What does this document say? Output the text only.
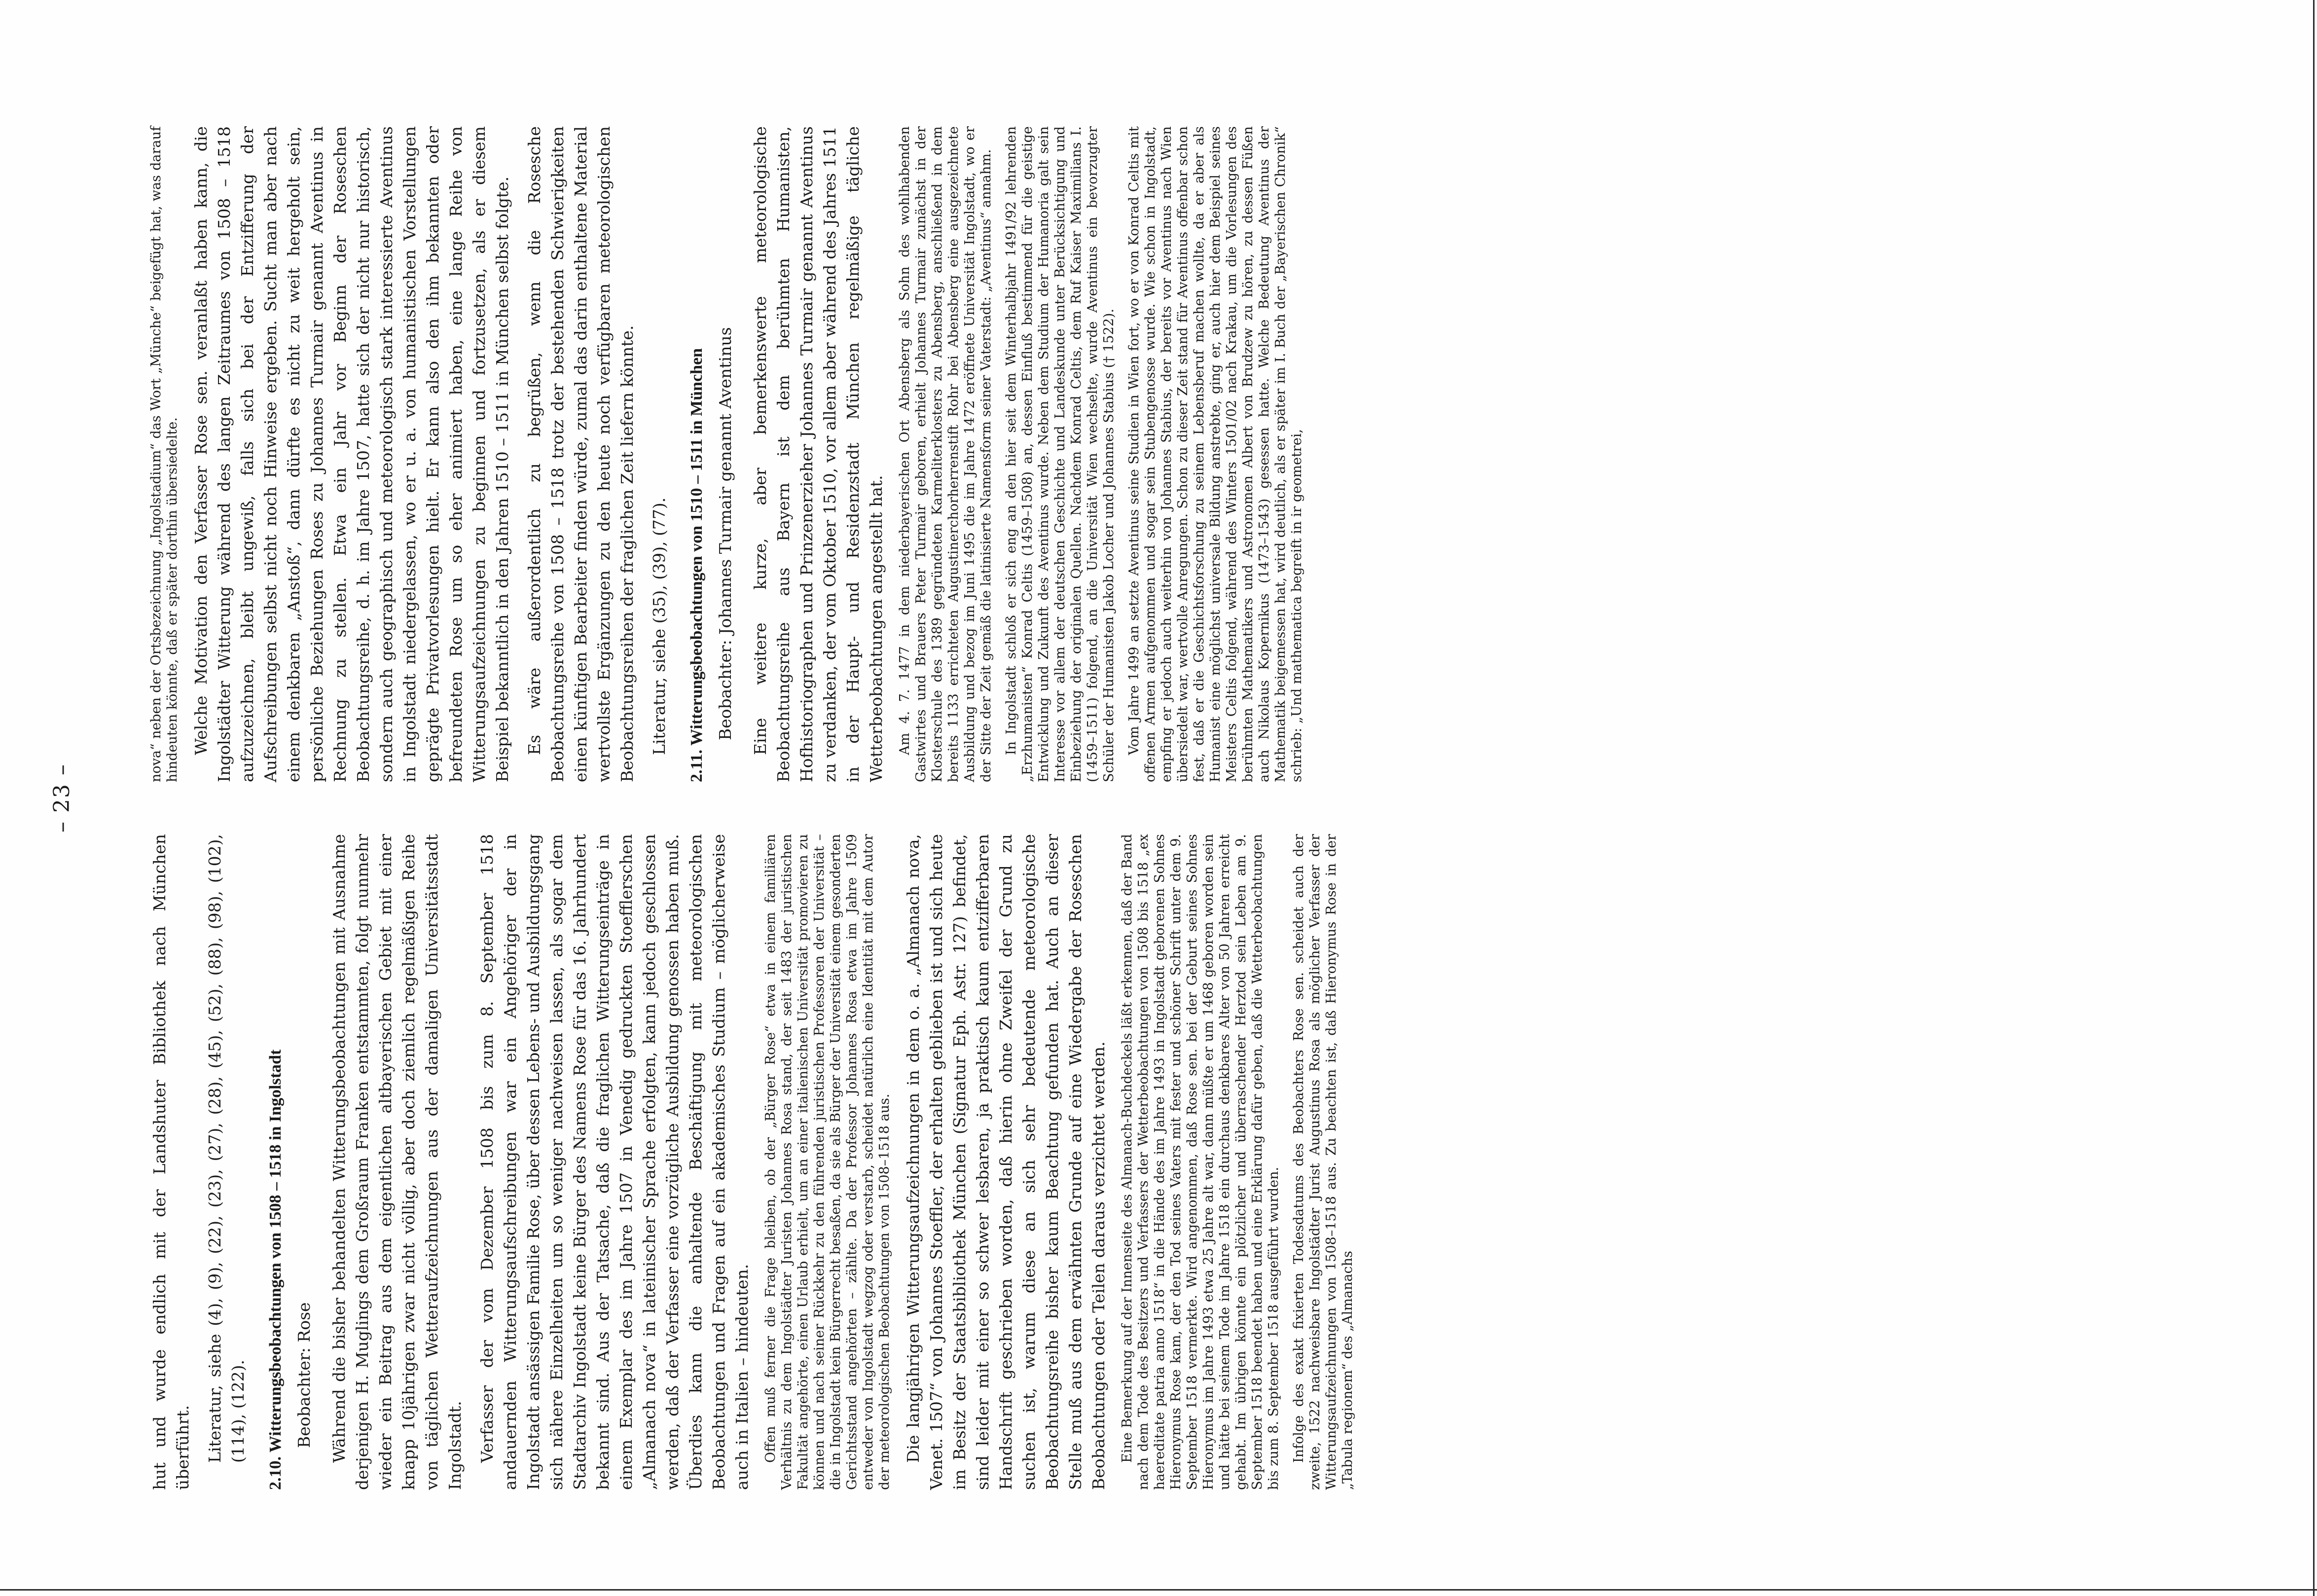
– 23 –

hut und wurde endlich mit der Landshuter Bibliothek nach München überführt. Literatur, siehe (4), (9), (22), (23), (27), (28), (45), (52), (88), (98), (102), (114), (122). 2.10. Witterungsbeobachtungen von 1508 – 1518 in Ingolstadt Beobachter: Rose Während die bisher behandelten Witterungsbeobachtungen mit Ausnahme derjenigen H. Muglings dem Großraum Franken entstammten, folgt nunmehr wieder ein Beitrag aus dem eigentlichen altbayerischen Gebiet mit einer knapp 10jährigen zwar nicht völlig, aber doch ziemlich regelmäßigen Reihe von täglichen Wetteraufzeichnungen aus der damaligen Universitätsstadt Ingolstadt. Verfasser der vom Dezember 1508 bis zum 8. September 1518 andauernden Witterungsaufschreibungen war ein Angehöriger der in Ingolstadt ansässigen Familie Rose, über dessen Lebens- und Ausbildungsgang sich nähere Einzelheiten um so weniger nachweisen lassen, als sogar dem Stadtarchiv Ingolstadt keine Bürger des Namens Rose für das 16. Jahrhundert bekannt sind. Aus der Tatsache, daß die fraglichen Witterungseinträge in einem Exemplar des im Jahre 1507 in Venedig gedruckten Stoefflerschen „Almanach nova“ in lateinischer Sprache erfolgten, kann jedoch geschlossen werden, daß der Verfasser eine vorzügliche Ausbildung genossen haben muß. Überdies kann die anhaltende Beschäftigung mit meteorologischen Beobachtungen und Fragen auf ein akademisches Studium – möglicherweise auch in Italien – hindeuten. Offen muß ferner die Frage bleiben, ob der „Bürger Rose“ etwa in einem familiären Verhältnis zu dem Ingolstädter Juristen Johannes Rosa stand, der seit 1483 der juristischen Fakultät angehörte, einen Urlaub erhielt, um an einer italienischen Universität promovieren zu können und nach seiner Rückkehr zu den führenden juristischen Professoren der Universität – die in Ingolstadt kein Bürgerrecht besaßen, da sie als Bürger der Universität einem gesonderten Gerichtsstand angehörten – zählte. Da der Professor Johannes Rosa etwa im Jahre 1509 entweder von Ingolstadt wegzog oder verstarb, scheidet natürlich eine Identität mit dem Autor der meteorologischen Beobachtungen von 1508–1518 aus. Die langjährigen Witterungsaufzeichnungen in dem o. a. „Almanach nova, Venet. 1507“ von Johannes Stoeffler, der erhalten geblieben ist und sich heute im Besitz der Staatsbibliothek München (Signatur Eph. Astr. 127) befindet, sind leider mit einer so schwer lesbaren, ja praktisch kaum entzifferbaren Handschrift geschrieben worden, daß hierin ohne Zweifel der Grund zu suchen ist, warum diese an sich sehr bedeutende meteorologische Beobachtungsreihe bisher kaum Beachtung gefunden hat. Auch an dieser Stelle muß aus dem erwähnten Grunde auf eine Wiedergabe der Roseschen Beobachtungen oder Teilen daraus verzichtet werden. Eine Bemerkung auf der Innenseite des Almanach-Buchdeckels läßt erkennen, daß der Band nach dem Tode des Besitzers und Verfassers der Wetterbeobachtungen von 1508 bis 1518 „ex haereditate patria anno 1518“ in die Hände des im Jahre 1493 in Ingolstadt geborenen Sohnes Hieronymus Rose kam, der den Tod seines Vaters mit fester und schöner Schrift unter dem 9. September 1518 vermerkte. Wird angenommen, daß Rose sen. bei der Geburt seines Sohnes Hieronymus im Jahre 1493 etwa 25 Jahre alt war, dann müßte er um 1468 geboren worden sein und hätte bei seinem Tode im Jahre 1518 ein durchaus denkbares Alter von 50 Jahren erreicht gehabt. Im übrigen könnte ein plötzlicher und überraschender Herztod sein Leben am 9. September 1518 beendet haben und eine Erklärung dafür geben, daß die Wetterbeobachtungen bis zum 8. September 1518 ausgeführt wurden. Infolge des exakt fixierten Todesdatums des Beobachters Rose sen. scheidet auch der zweite, 1522 nachweisbare Ingolstädter Jurist Augustinus Rosa als möglicher Verfasser der Witterungsaufzeichnungen von 1508–1518 aus. Zu beachten ist, daß Hieronymus Rose in der „Tabula regionem“ des „Almanachs

nova“ neben der Ortsbezeichnung „Ingolstadium“ das Wort „Münche“ beigefügt hat, was darauf hindeuten könnte, daß er später dorthin übersiedelte. Welche Motivation den Verfasser Rose sen. veranlaßt haben kann, die Ingolstädter Witterung während des langen Zeitraumes von 1508 – 1518 aufzuzeichnen, bleibt ungewiß, falls sich bei der Entzifferung der Aufschreibungen selbst nicht noch Hinweise ergeben. Sucht man aber nach einem denkbaren „Anstoß“, dann dürfte es nicht zu weit hergeholt sein, persönliche Beziehungen Roses zu Johannes Turmair genannt Aventinus in Rechnung zu stellen. Etwa ein Jahr vor Beginn der Roseschen Beobachtungsreihe, d. h. im Jahre 1507, hatte sich der nicht nur historisch, sondern auch geographisch und meteorologisch stark interessierte Aventinus in Ingolstadt niedergelassen, wo er u. a. von humanistischen Vorstellungen geprägte Privatvorlesungen hielt. Er kann also den ihm bekannten oder befreundeten Rose um so eher animiert haben, eine lange Reihe von Witterungsaufzeichnungen zu beginnen und fortzusetzen, als er diesem Beispiel bekanntlich in den Jahren 1510 – 1511 in München selbst folgte. Es wäre außerordentlich zu begrüßen, wenn die Rosesche Beobachtungsreihe von 1508 – 1518 trotz der bestehenden Schwierigkeiten einen künftigen Bearbeiter finden würde, zumal das darin enthaltene Material wertvollste Ergänzungen zu den heute noch verfügbaren meteorologischen Beobachtungsreihen der fraglichen Zeit liefern könnte. Literatur, siehe (35), (39), (77). 2.11. Witterungsbeobachtungen von 1510 – 1511 in München Beobachter: Johannes Turmair genannt Aventinus Eine weitere kurze, aber bemerkenswerte meteorologische Beobachtungsreihe aus Bayern ist dem berühmten Humanisten, Hofhistoriographen und Prinzenerzieher Johannes Turmair genannt Aventinus zu verdanken, der vom Oktober 1510, vor allem aber während des Jahres 1511 in der Haupt- und Residenzstadt München regelmäßige tägliche Wetterbeobachtungen angestellt hat. Am 4. 7. 1477 in dem niederbayerischen Ort Abensberg als Sohn des wohlhabenden Gastwirtes und Brauers Peter Turmair geboren, erhielt Johannes Turmair zunächst in der Klosterschule des 1389 gegründeten Karmeliterklosters zu Abensberg, anschließend in dem bereits 1133 errichteten Augustinerchorherrenstift Rohr bei Abensberg eine ausgezeichnete Ausbildung und bezog im Juni 1495 die im Jahre 1472 eröffnete Universität Ingolstadt, wo er der Sitte der Zeit gemäß die latinisierte Namensform seiner Vaterstadt: „Aventinus“ annahm. In Ingolstadt schloß er sich eng an den hier seit dem Winterhalbjahr 1491/92 lehrenden „Erzhumanisten“ Konrad Celtis (1459–1508) an, dessen Einfluß bestimmend für die geistige Entwicklung und Zukunft des Aventinus wurde. Neben dem Studium der Humanoria galt sein Interesse vor allem der deutschen Geschichte und Landeskunde unter Berücksichtigung und Einbeziehung der originalen Quellen. Nachdem Konrad Celtis, dem Ruf Kaiser Maximilians I. (1459–1511) folgend, an die Universität Wien wechselte, wurde Aventinus ein bevorzugter Schüler der Humanisten Jakob Locher und Johannes Stabius († 1522). Vom Jahre 1499 an setzte Aventinus seine Studien in Wien fort, wo er von Konrad Celtis mit offenen Armen aufgenommen und sogar sein Stubengenosse wurde. Wie schon in Ingolstadt, empfing er jedoch auch weiterhin von Johannes Stabius, der bereits vor Aventinus nach Wien übersiedelt war, wertvolle Anregungen. Schon zu dieser Zeit stand für Aventinus offenbar schon fest, daß er die Geschichtsforschung zu seinem Lebensberuf machen wollte, da er aber als Humanist eine möglichst universale Bildung anstrebte, ging er, auch hier dem Beispiel seines Meisters Celtis folgend, während des Winters 1501/02 nach Krakau, um die Vorlesungen des berühmten Mathematikers und Astronomen Albert von Brudzew zu hören, zu dessen Füßen auch Nikolaus Kopernikus (1473–1543) gesessen hatte. Welche Bedeutung Aventinus der Mathematik beigemessen hat, wird deutlich, als er später im I. Buch der „Bayerischen Chronik“ schrieb: „Und mathematica begreift in ir geometrei,
